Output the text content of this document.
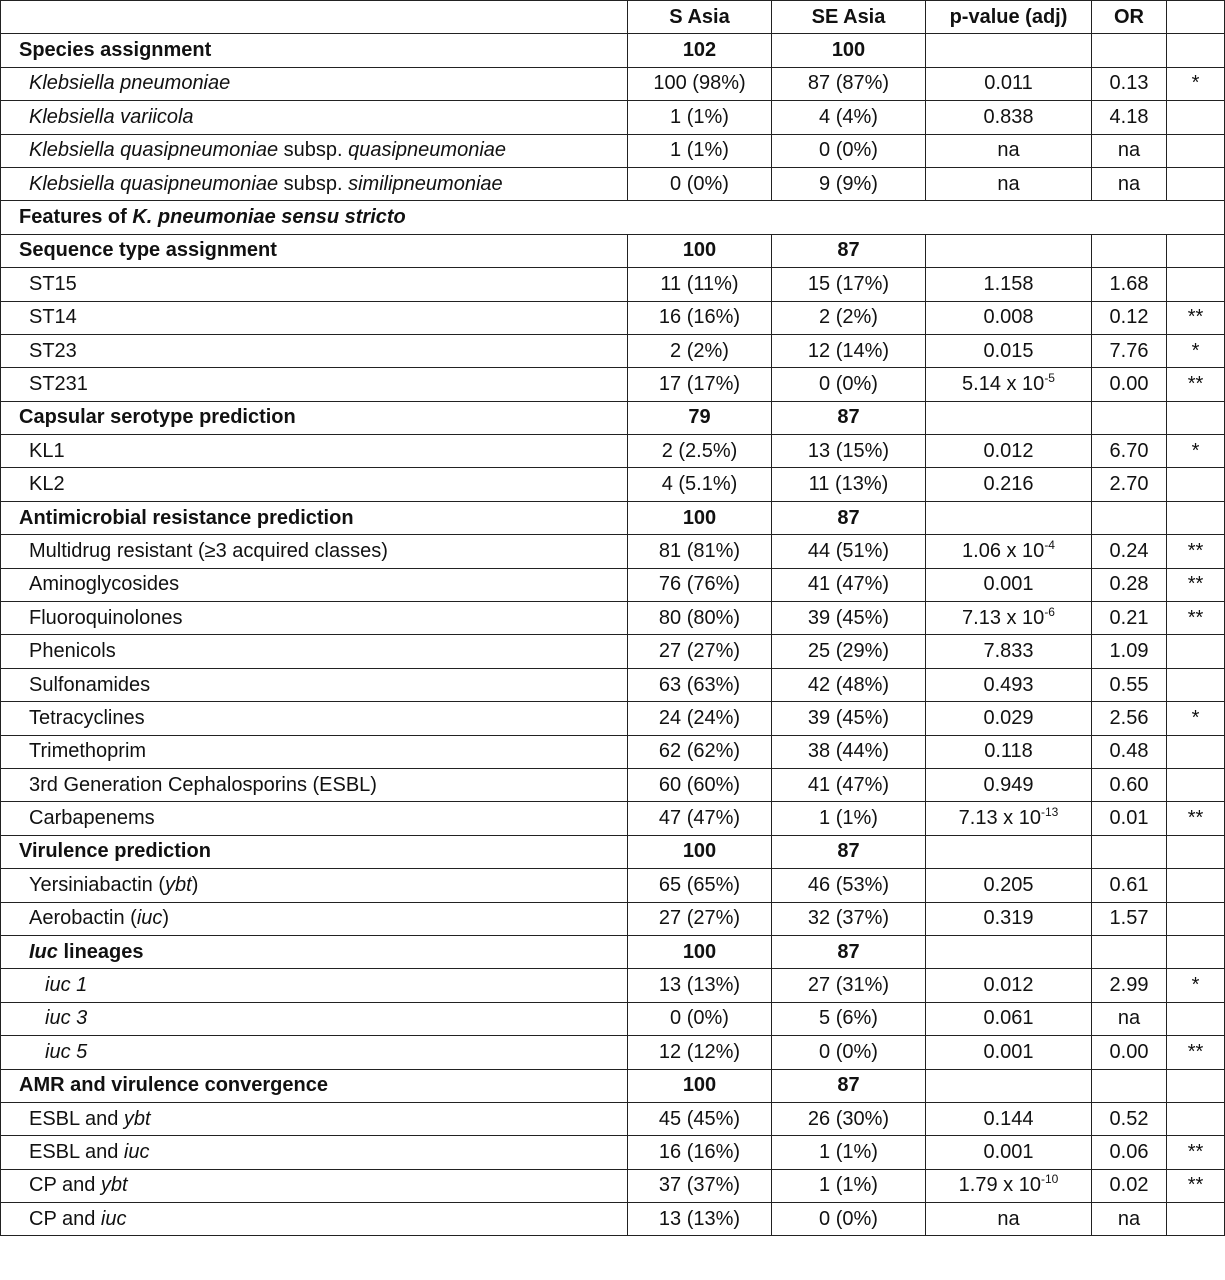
	S Asia	SE Asia	p-value (adj)	OR	
Species assignment	102	100			
Klebsiella pneumoniae	100 (98%)	87 (87%)	0.011	0.13	*
Klebsiella variicola	1 (1%)	4 (4%)	0.838	4.18	
Klebsiella quasipneumoniae subsp. quasipneumoniae	1 (1%)	0 (0%)	na	na	
Klebsiella quasipneumoniae subsp. similipneumoniae	0 (0%)	9 (9%)	na	na	
Features of K. pneumoniae sensu stricto					
Sequence type assignment	100	87			
ST15	11 (11%)	15 (17%)	1.158	1.68	
ST14	16 (16%)	2 (2%)	0.008	0.12	**
ST23	2 (2%)	12 (14%)	0.015	7.76	*
ST231	17 (17%)	0 (0%)	5.14 x $10^{-5}$	0.00	**
Capsular serotype prediction	79	87			
KL1	2 (2.5%)	13 (15%)	0.012	6.70	*
KL2	4 (5.1%)	11 (13%)	0.216	2.70	
Antimicrobial resistance prediction	100	87			
Multidrug resistant (≥3 acquired classes)	81 (81%)	44 (51%)	1.06 x $10^{-4}$	0.24	**
Aminoglycosides	76 (76%)	41 (47%)	0.001	0.28	**
Fluoroquinolones	80 (80%)	39 (45%)	7.13 x $10^{-6}$	0.21	**
Phenicols	27 (27%)	25 (29%)	7.833	1.09	
Sulfonamides	63 (63%)	42 (48%)	0.493	0.55	
Tetracyclines	24 (24%)	39 (45%)	0.029	2.56	*
Trimethoprim	62 (62%)	38 (44%)	0.118	0.48	
3rd Generation Cephalosporins (ESBL)	60 (60%)	41 (47%)	0.949	0.60	
Carbapenems	47 (47%)	1 (1%)	7.13 x $10^{-13}$	0.01	**
Virulence prediction	100	87			
Yersiniabactin (ybt)	65 (65%)	46 (53%)	0.205	0.61	
Aerobactin (iuc)	27 (27%)	32 (37%)	0.319	1.57	
Iuc lineages	100	87			
iuc 1	13 (13%)	27 (31%)	0.012	2.99	*
iuc 3	0 (0%)	5 (6%)	0.061	na	
iuc 5	12 (12%)	0 (0%)	0.001	0.00	**
AMR and virulence convergence	100	87			
ESBL and ybt	45 (45%)	26 (30%)	0.144	0.52	
ESBL and iuc	16 (16%)	1 (1%)	0.001	0.06	**
CP and ybt	37 (37%)	1 (1%)	1.79 x $10^{-10}$	0.02	**
CP and iuc	13 (13%)	0 (0%)	na	na	
